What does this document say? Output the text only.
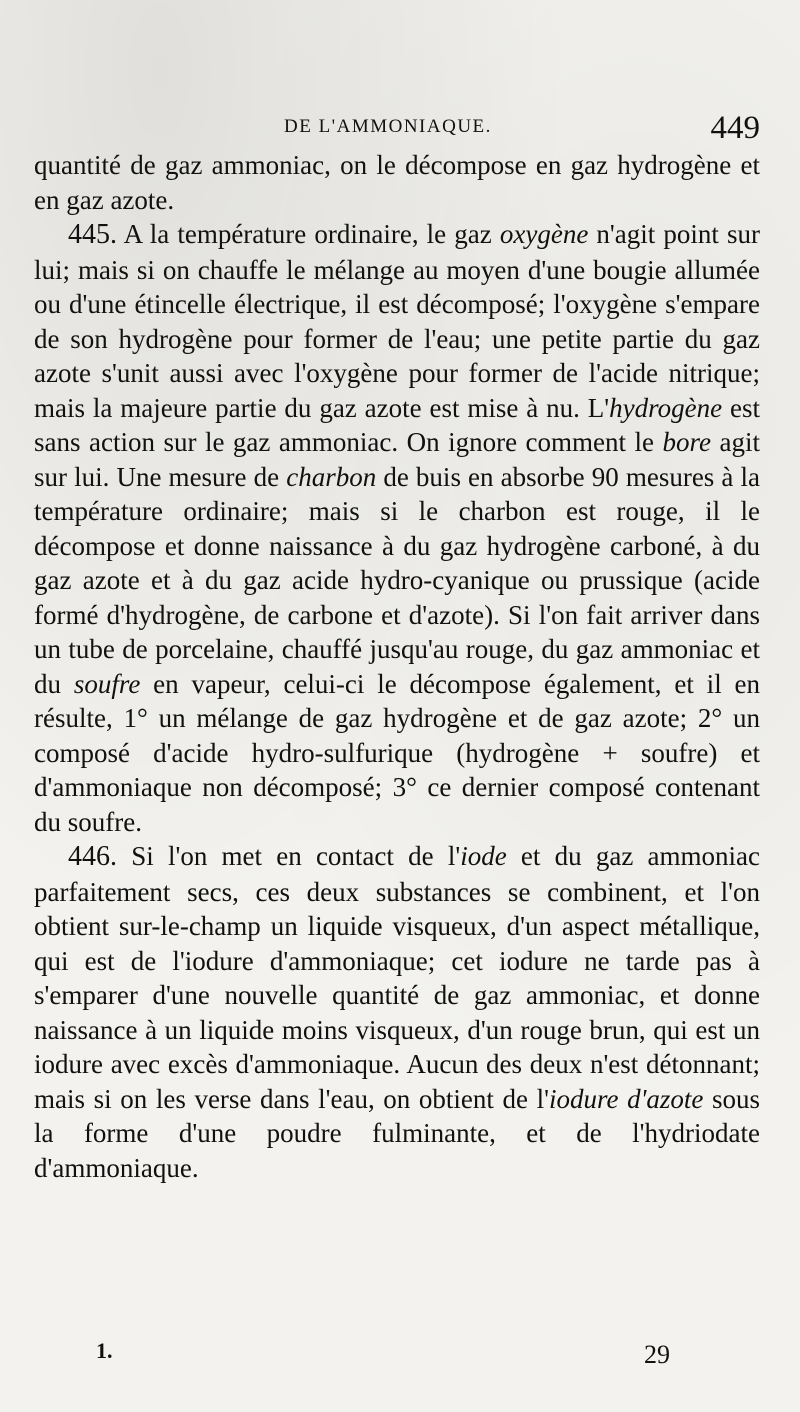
DE L'AMMONIAQUE.	449

quantité de gaz ammoniac, on le décompose en gaz hydrogène et en gaz azote.

445. A la température ordinaire, le gaz oxygène n'agit point sur lui; mais si on chauffe le mélange au moyen d'une bougie allumée ou d'une étincelle électrique, il est décomposé; l'oxygène s'empare de son hydrogène pour former de l'eau; une petite partie du gaz azote s'unit aussi avec l'oxygène pour former de l'acide nitrique; mais la majeure partie du gaz azote est mise à nu. L'hydrogène est sans action sur le gaz ammoniac. On ignore comment le bore agit sur lui. Une mesure de charbon de buis en absorbe 90 mesures à la température ordinaire; mais si le charbon est rouge, il le décompose et donne naissance à du gaz hydrogène carboné, à du gaz azote et à du gaz acide hydro-cyanique ou prussique (acide formé d'hydrogène, de carbone et d'azote). Si l'on fait arriver dans un tube de porcelaine, chauffé jusqu'au rouge, du gaz ammoniac et du soufre en vapeur, celui-ci le décompose également, et il en résulte, 1° un mélange de gaz hydrogène et de gaz azote; 2° un composé d'acide hydro-sulfurique (hydrogène + soufre) et d'ammoniaque non décomposé; 3° ce dernier composé contenant du soufre.

446. Si l'on met en contact de l'iode et du gaz ammoniac parfaitement secs, ces deux substances se combinent, et l'on obtient sur-le-champ un liquide visqueux, d'un aspect métallique, qui est de l'iodure d'ammoniaque; cet iodure ne tarde pas à s'emparer d'une nouvelle quantité de gaz ammoniac, et donne naissance à un liquide moins visqueux, d'un rouge brun, qui est un iodure avec excès d'ammoniaque. Aucun des deux n'est détonnant; mais si on les verse dans l'eau, on obtient de l'iodure d'azote sous la forme d'une poudre fulminante, et de l'hydriodate d'ammoniaque.

1.	29
